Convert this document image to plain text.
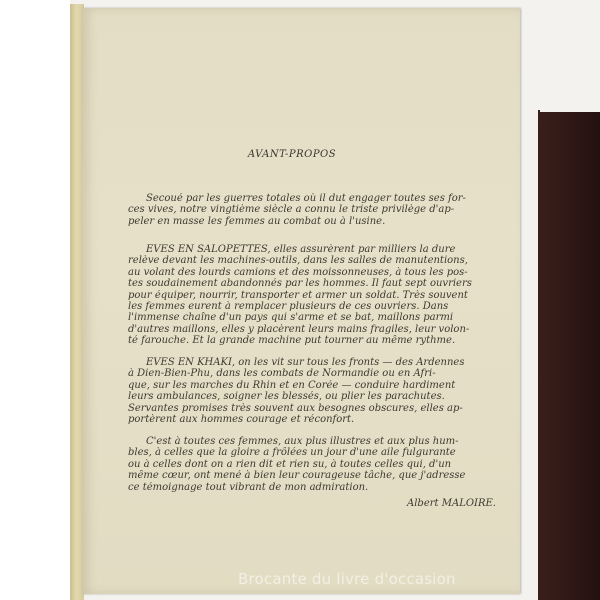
AVANT-PROPOS
Secoué par les guerres totales où il dut engager toutes ses for-
ces vives, notre vingtième siècle a connu le triste privilège d'ap-
peler en masse les femmes au combat ou à l'usine.
EVES EN SALOPETTES, elles assurèrent par milliers la dure
relève devant les machines-outils, dans les salles de manutentions,
au volant des lourds camions et des moissonneuses, à tous les pos-
tes soudainement abandonnés par les hommes. Il faut sept ouvriers
pour équiper, nourrir, transporter et armer un soldat. Très souvent
les femmes eurent à remplacer plusieurs de ces ouvriers. Dans
l'immense chaîne d'un pays qui s'arme et se bat, maillons parmi
d'autres maillons, elles y placèrent leurs mains fragiles, leur volon-
té farouche. Et la grande machine put tourner au même rythme.
EVES EN KHAKI, on les vit sur tous les fronts — des Ardennes
à Dien-Bien-Phu, dans les combats de Normandie ou en Afri-
que, sur les marches du Rhin et en Corée — conduire hardiment
leurs ambulances, soigner les blessés, ou plier les parachutes.
Servantes promises très souvent aux besognes obscures, elles ap-
portèrent aux hommes courage et réconfort.
C'est à toutes ces femmes, aux plus illustres et aux plus hum-
bles, à celles que la gloire a frôlées un jour d'une aile fulgurante
ou à celles dont on a rien dit et rien su, à toutes celles qui, d'un
même cœur, ont mené à bien leur courageuse tâche, que j'adresse
ce témoignage tout vibrant de mon admiration.
Albert MALOIRE.
Brocante du livre d'occasion
